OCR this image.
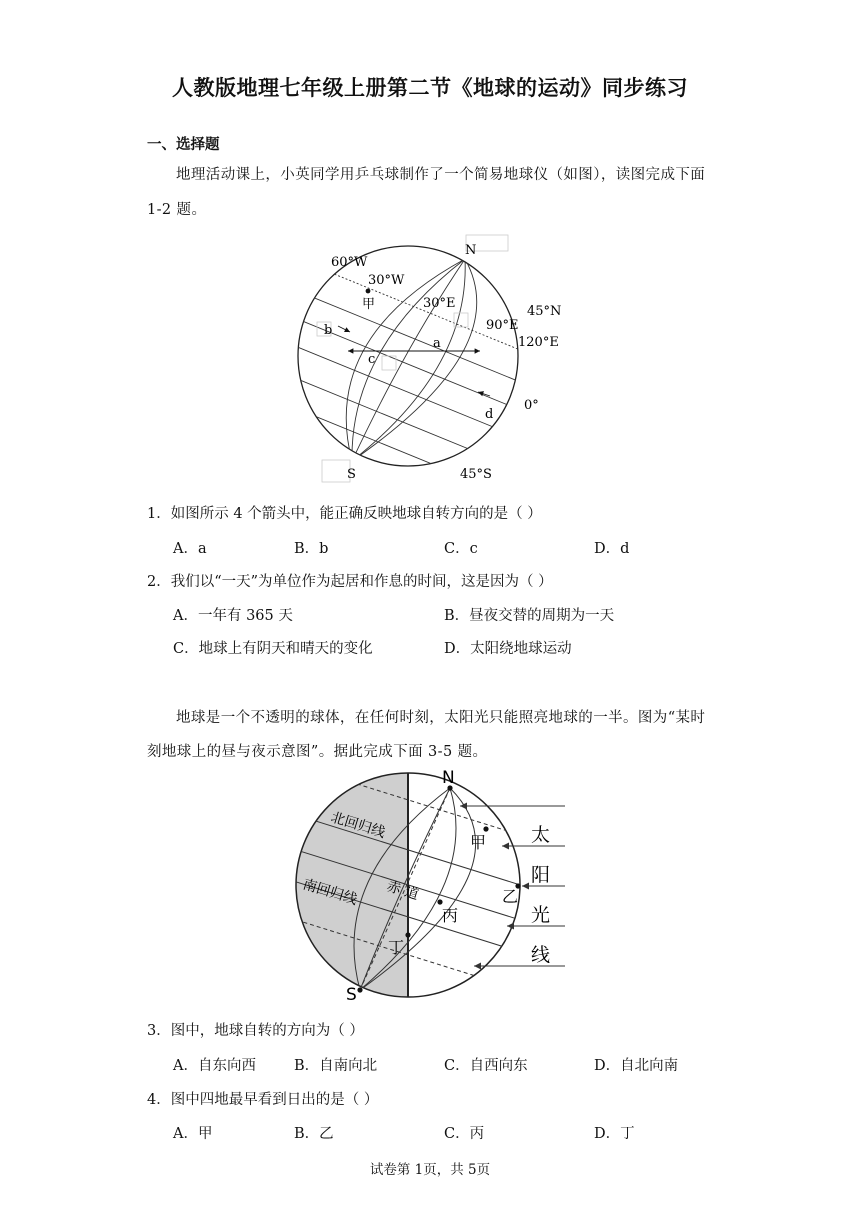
人教版地理七年级上册第二节《地球的运动》同步练习
一、选择题
地理活动课上，小英同学用乒乓球制作了一个简易地球仪（如图），读图完成下面
1-2 题。
N
S
60°W
30°W
30°E
90°E
120°E
45°N
45°S
0°
甲
a
b
c
d
1．如图所示 4 个箭头中，能正确反映地球自转方向的是（ ）
A．a	B．b	C．c	D．d
2．我们以“一天”为单位作为起居和作息的时间，这是因为（ ）
A．一年有 365 天	B．昼夜交替的周期为一天
C．地球上有阴天和晴天的变化	D．太阳绕地球运动
地球是一个不透明的球体，在任何时刻，太阳光只能照亮地球的一半。图为“某时
刻地球上的昼与夜示意图”。据此完成下面 3-5 题。
N
S
北回归线
南回归线 赤 道
甲
乙
丙
丁
太
阳
光
线
3．图中，地球自转的方向为（ ）
A．自东向西	B．自南向北	C．自西向东	D．自北向南
4．图中四地最早看到日出的是（ ）
A．甲	B．乙	C．丙	D．丁
试卷第 1页，共 5页
